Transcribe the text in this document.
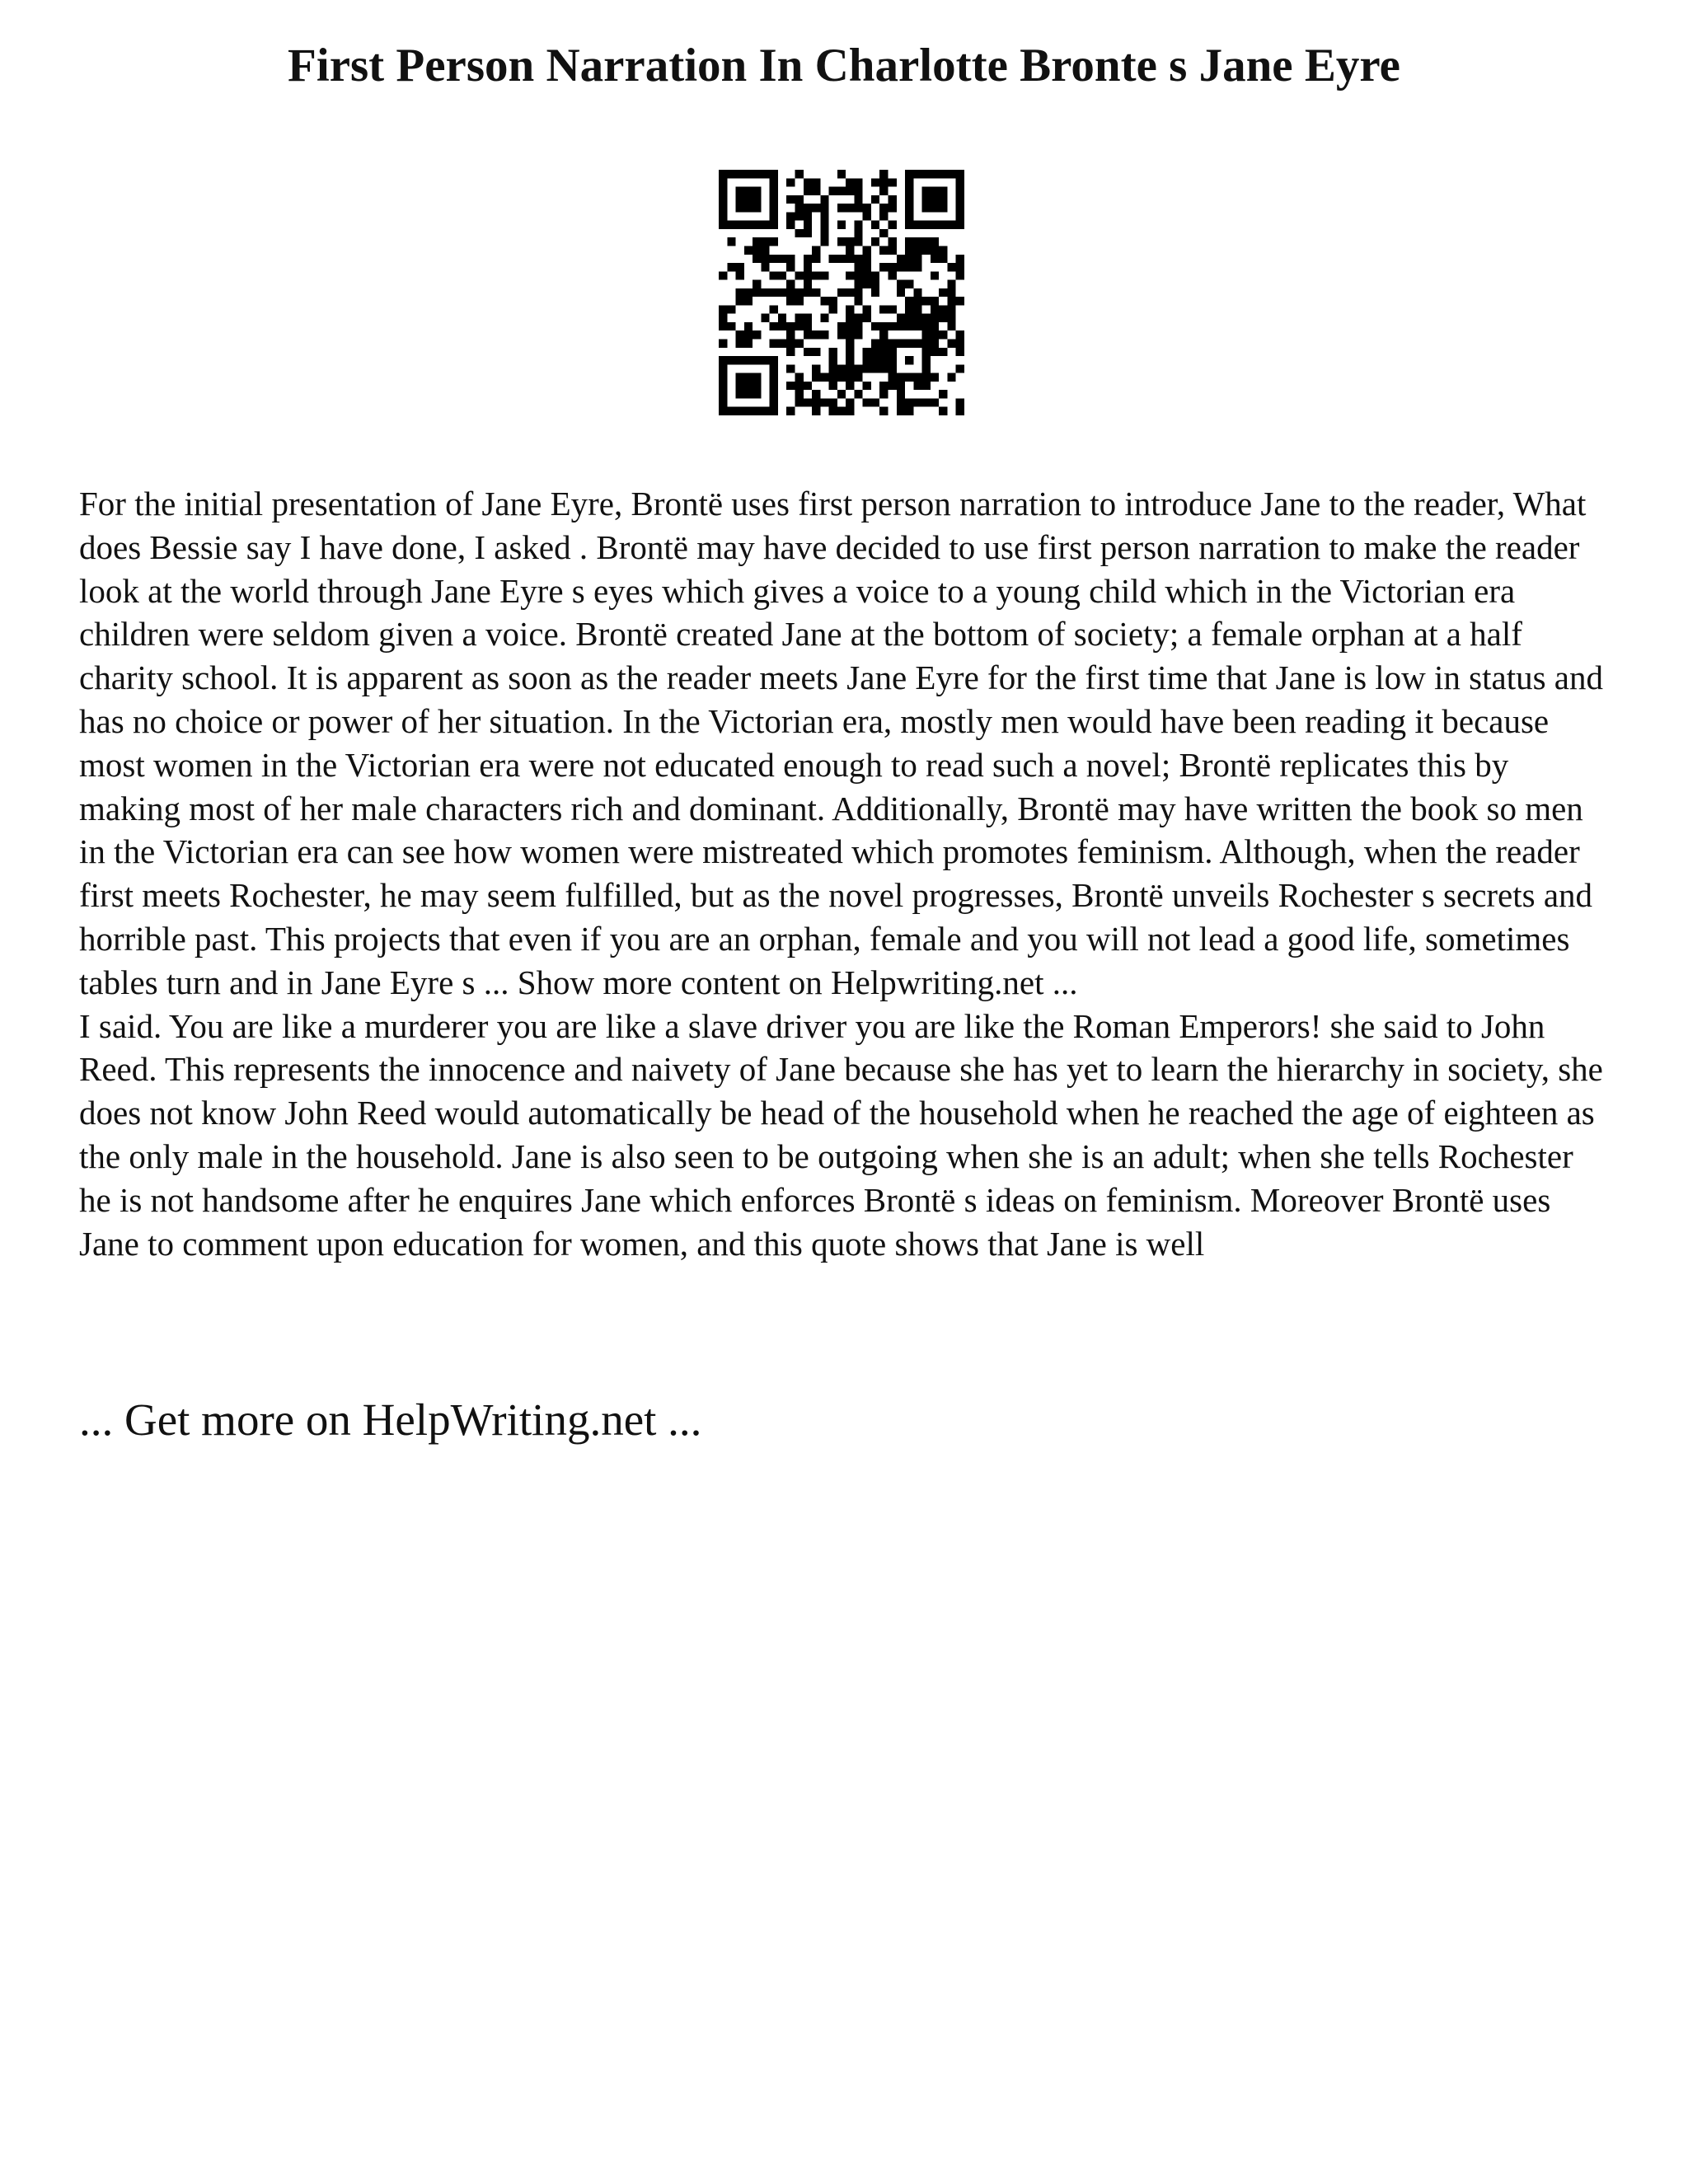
First Person Narration In Charlotte Bronte s Jane Eyre

For the initial presentation of Jane Eyre, Brontë uses first person narration to introduce Jane to the reader, What does Bessie say I have done, I asked . Brontë may have decided to use first person narration to make the reader look at the world through Jane Eyre s eyes which gives a voice to a young child which in the Victorian era children were seldom given a voice. Brontë created Jane at the bottom of society; a female orphan at a half charity school. It is apparent as soon as the reader meets Jane Eyre for the first time that Jane is low in status and has no choice or power of her situation. In the Victorian era, mostly men would have been reading it because most women in the Victorian era were not educated enough to read such a novel; Brontë replicates this by making most of her male characters rich and dominant. Additionally, Brontë may have written the book so men in the Victorian era can see how women were mistreated which promotes feminism. Although, when the reader first meets Rochester, he may seem fulfilled, but as the novel progresses, Brontë unveils Rochester s secrets and horrible past. This projects that even if you are an orphan, female and you will not lead a good life, sometimes tables turn and in Jane Eyre s ... Show more content on Helpwriting.net ...

I said. You are like a murderer you are like a slave driver you are like the Roman Emperors! she said to John Reed. This represents the innocence and naivety of Jane because she has yet to learn the hierarchy in society, she does not know John Reed would automatically be head of the household when he reached the age of eighteen as the only male in the household. Jane is also seen to be outgoing when she is an adult; when she tells Rochester he is not handsome after he enquires Jane which enforces Brontë s ideas on feminism. Moreover Brontë uses Jane to comment upon education for women, and this quote shows that Jane is well

... Get more on HelpWriting.net ...
